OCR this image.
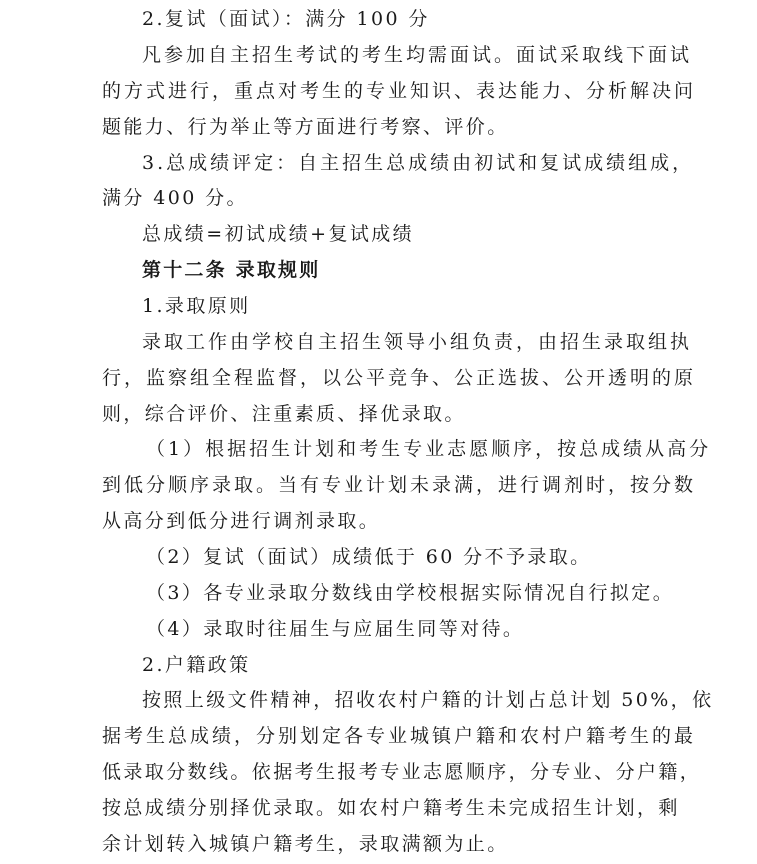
2.复试（面试）：满分 100 分
凡参加自主招生考试的考生均需面试。面试采取线下面试
的方式进行，重点对考生的专业知识、表达能力、分析解决问
题能力、行为举止等方面进行考察、评价。
3.总成绩评定：自主招生总成绩由初试和复试成绩组成，
满分 400 分。
总成绩=初试成绩+复试成绩
第十二条 录取规则
1.录取原则
录取工作由学校自主招生领导小组负责，由招生录取组执
行，监察组全程监督，以公平竞争、公正选拔、公开透明的原
则，综合评价、注重素质、择优录取。
（1）根据招生计划和考生专业志愿顺序，按总成绩从高分
到低分顺序录取。当有专业计划未录满，进行调剂时，按分数
从高分到低分进行调剂录取。
（2）复试（面试）成绩低于 60 分不予录取。
（3）各专业录取分数线由学校根据实际情况自行拟定。
（4）录取时往届生与应届生同等对待。
2.户籍政策
按照上级文件精神，招收农村户籍的计划占总计划 50%，依
据考生总成绩，分别划定各专业城镇户籍和农村户籍考生的最
低录取分数线。依据考生报考专业志愿顺序，分专业、分户籍，
按总成绩分别择优录取。如农村户籍考生未完成招生计划，剩
余计划转入城镇户籍考生，录取满额为止。
